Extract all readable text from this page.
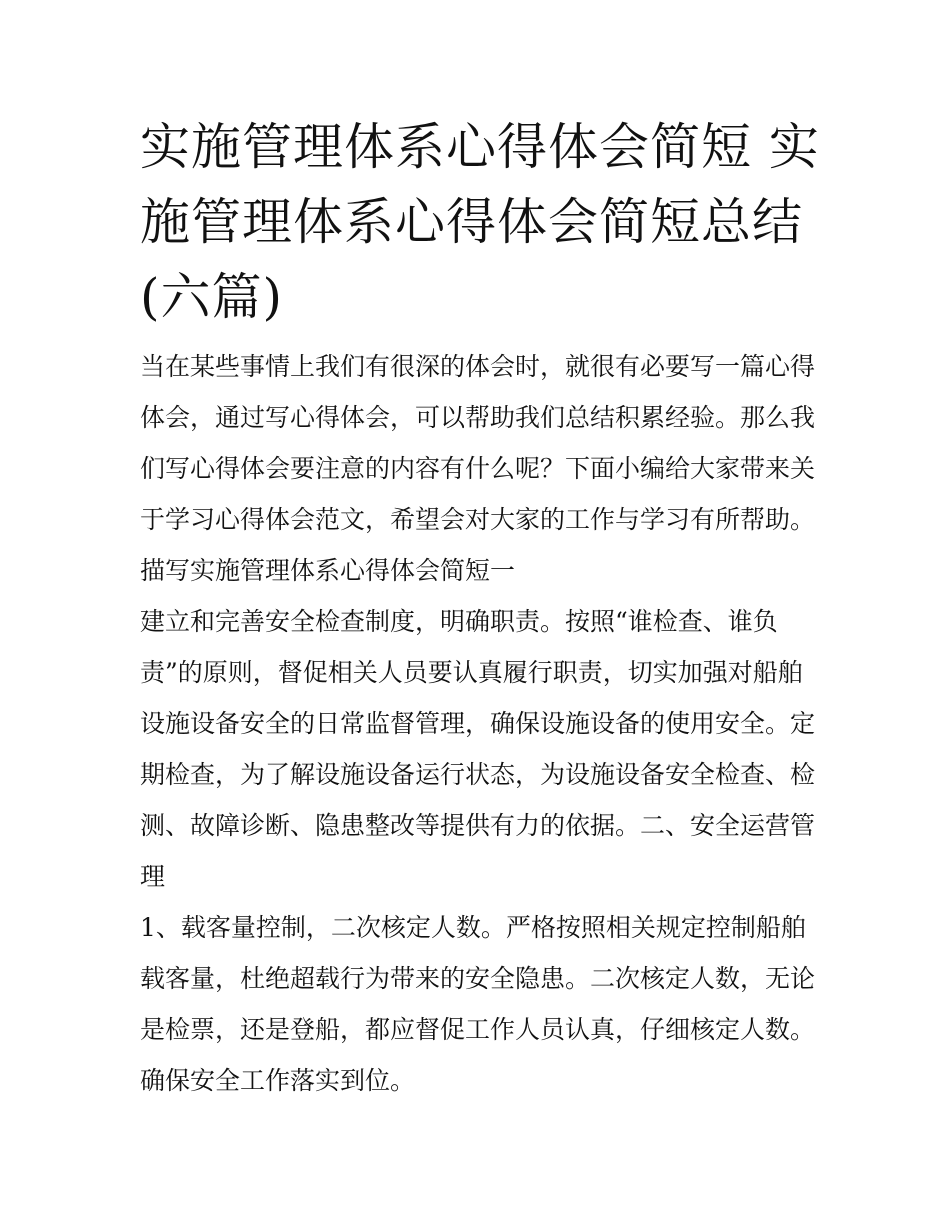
实施管理体系心得体会简短 实
施管理体系心得体会简短总结
(六篇)

当在某些事情上我们有很深的体会时，就很有必要写一篇心得
体会，通过写心得体会，可以帮助我们总结积累经验。那么我
们写心得体会要注意的内容有什么呢？下面小编给大家带来关
于学习心得体会范文，希望会对大家的工作与学习有所帮助。

描写实施管理体系心得体会简短一

建立和完善安全检查制度，明确职责。按照“谁检查、谁负
责”的原则，督促相关人员要认真履行职责，切实加强对船舶
设施设备安全的日常监督管理，确保设施设备的使用安全。定
期检查，为了解设施设备运行状态，为设施设备安全检查、检
测、故障诊断、隐患整改等提供有力的依据。二、安全运营管
理

1、载客量控制，二次核定人数。严格按照相关规定控制船舶
载客量，杜绝超载行为带来的安全隐患。二次核定人数，无论
是检票，还是登船，都应督促工作人员认真，仔细核定人数。
确保安全工作落实到位。
